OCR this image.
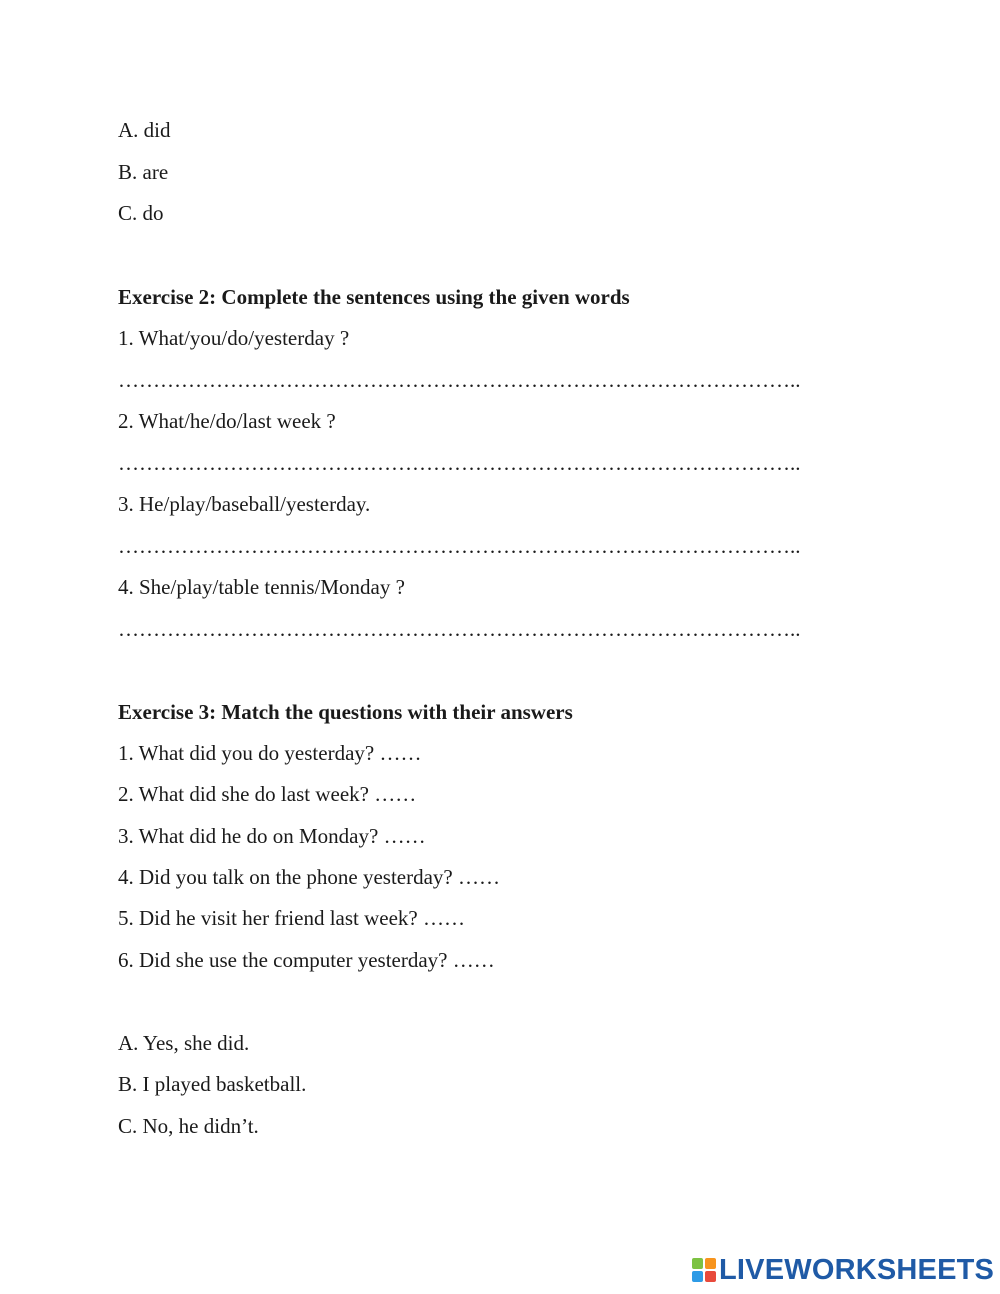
A. did
B. are
C. do
Exercise 2: Complete the sentences using the given words
1. What/you/do/yesterday ?
……………………………………………………………………………………..
2. What/he/do/last week ?
……………………………………………………………………………………..
3. He/play/baseball/yesterday.
……………………………………………………………………………………..
4. She/play/table tennis/Monday ?
……………………………………………………………………………………..
Exercise 3: Match the questions with their answers
1. What did you do yesterday? ……
2. What did she do last week? ……
3. What did he do on Monday? ……
4. Did you talk on the phone yesterday? ……
5. Did he visit her friend last week? ……
6. Did she use the computer yesterday? ……
A. Yes, she did.
B. I played basketball.
C. No, he didn’t.
LIVEWORKSHEETS
